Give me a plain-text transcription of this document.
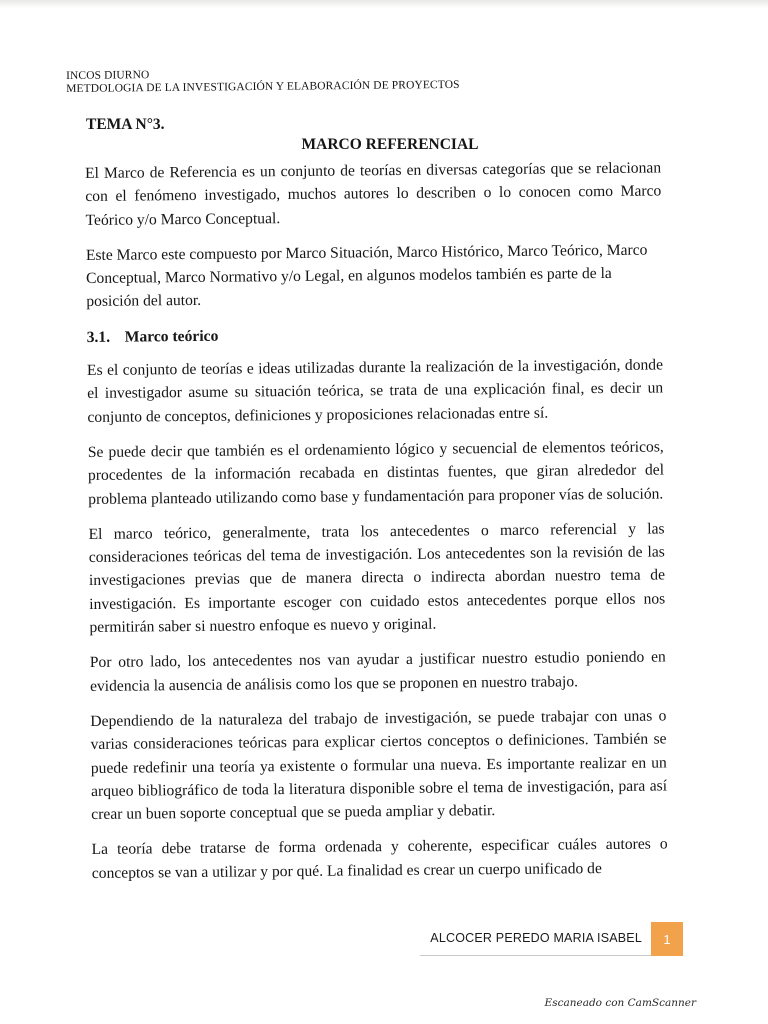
INCOS DIURNO
METDOLOGIA DE LA INVESTIGACIÓN Y ELABORACIÓN DE PROYECTOS
TEMA N°3.
MARCO REFERENCIAL

El Marco de Referencia es un conjunto de teorías en diversas categorías que se relacionan con el fenómeno investigado, muchos autores lo describen o lo conocen como Marco Teórico y/o Marco Conceptual.

Este Marco este compuesto por Marco Situación, Marco Histórico, Marco Teórico, Marco Conceptual, Marco Normativo y/o Legal, en algunos modelos también es parte de la posición del autor.

3.1. Marco teórico

Es el conjunto de teorías e ideas utilizadas durante la realización de la investigación, donde el investigador asume su situación teórica, se trata de una explicación final, es decir un conjunto de conceptos, definiciones y proposiciones relacionadas entre sí.

Se puede decir que también es el ordenamiento lógico y secuencial de elementos teóricos, procedentes de la información recabada en distintas fuentes, que giran alrededor del problema planteado utilizando como base y fundamentación para proponer vías de solución.

El marco teórico, generalmente, trata los antecedentes o marco referencial y las consideraciones teóricas del tema de investigación. Los antecedentes son la revisión de las investigaciones previas que de manera directa o indirecta abordan nuestro tema de investigación. Es importante escoger con cuidado estos antecedentes porque ellos nos permitirán saber si nuestro enfoque es nuevo y original.

Por otro lado, los antecedentes nos van ayudar a justificar nuestro estudio poniendo en evidencia la ausencia de análisis como los que se proponen en nuestro trabajo.

Dependiendo de la naturaleza del trabajo de investigación, se puede trabajar con unas o varias consideraciones teóricas para explicar ciertos conceptos o definiciones. También se puede redefinir una teoría ya existente o formular una nueva. Es importante realizar en un arqueo bibliográfico de toda la literatura disponible sobre el tema de investigación, para así crear un buen soporte conceptual que se pueda ampliar y debatir.

La teoría debe tratarse de forma ordenada y coherente, especificar cuáles autores o conceptos se van a utilizar y por qué. La finalidad es crear un cuerpo unificado de

ALCOCER PEREDO MARIA ISABEL	1
Escaneado con CamScanner
